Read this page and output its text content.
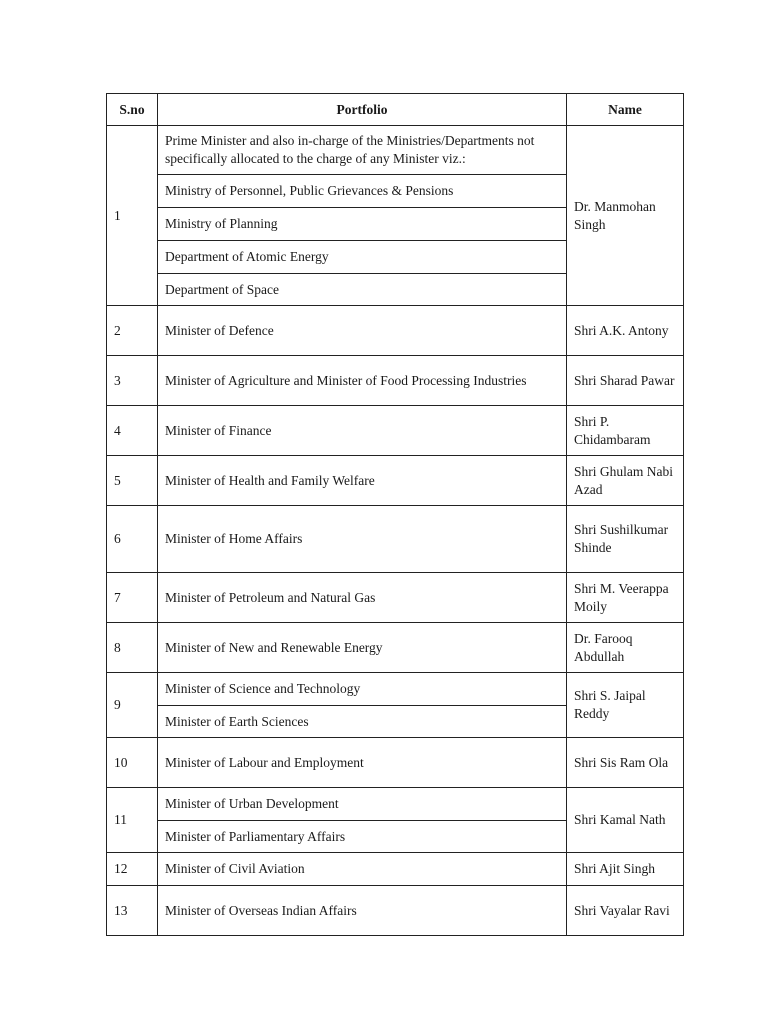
S.no	Portfolio	Name
1	Prime Minister and also in-charge of the Ministries/Departments not specifically allocated to the charge of any Minister viz.:	Dr. Manmohan Singh
	Ministry of Personnel, Public Grievances & Pensions	
	Ministry of Planning	
	Department of Atomic Energy	
	Department of Space	
2	Minister of Defence	Shri A.K. Antony
3	Minister of Agriculture and Minister of Food Processing Industries	Shri Sharad Pawar
4	Minister of Finance	Shri P. Chidambaram
5	Minister of Health and Family Welfare	Shri Ghulam Nabi Azad
6	Minister of Home Affairs	Shri Sushilkumar Shinde
7	Minister of Petroleum and Natural Gas	Shri M. Veerappa Moily
8	Minister of New and Renewable Energy	Dr. Farooq Abdullah
9	Minister of Science and Technology	Shri S. Jaipal Reddy
	Minister of Earth Sciences	
10	Minister of Labour and Employment	Shri Sis Ram Ola
11	Minister of Urban Development	Shri Kamal Nath
	Minister of Parliamentary Affairs	
12	Minister of Civil Aviation	Shri Ajit Singh
13	Minister of Overseas Indian Affairs	Shri Vayalar Ravi
